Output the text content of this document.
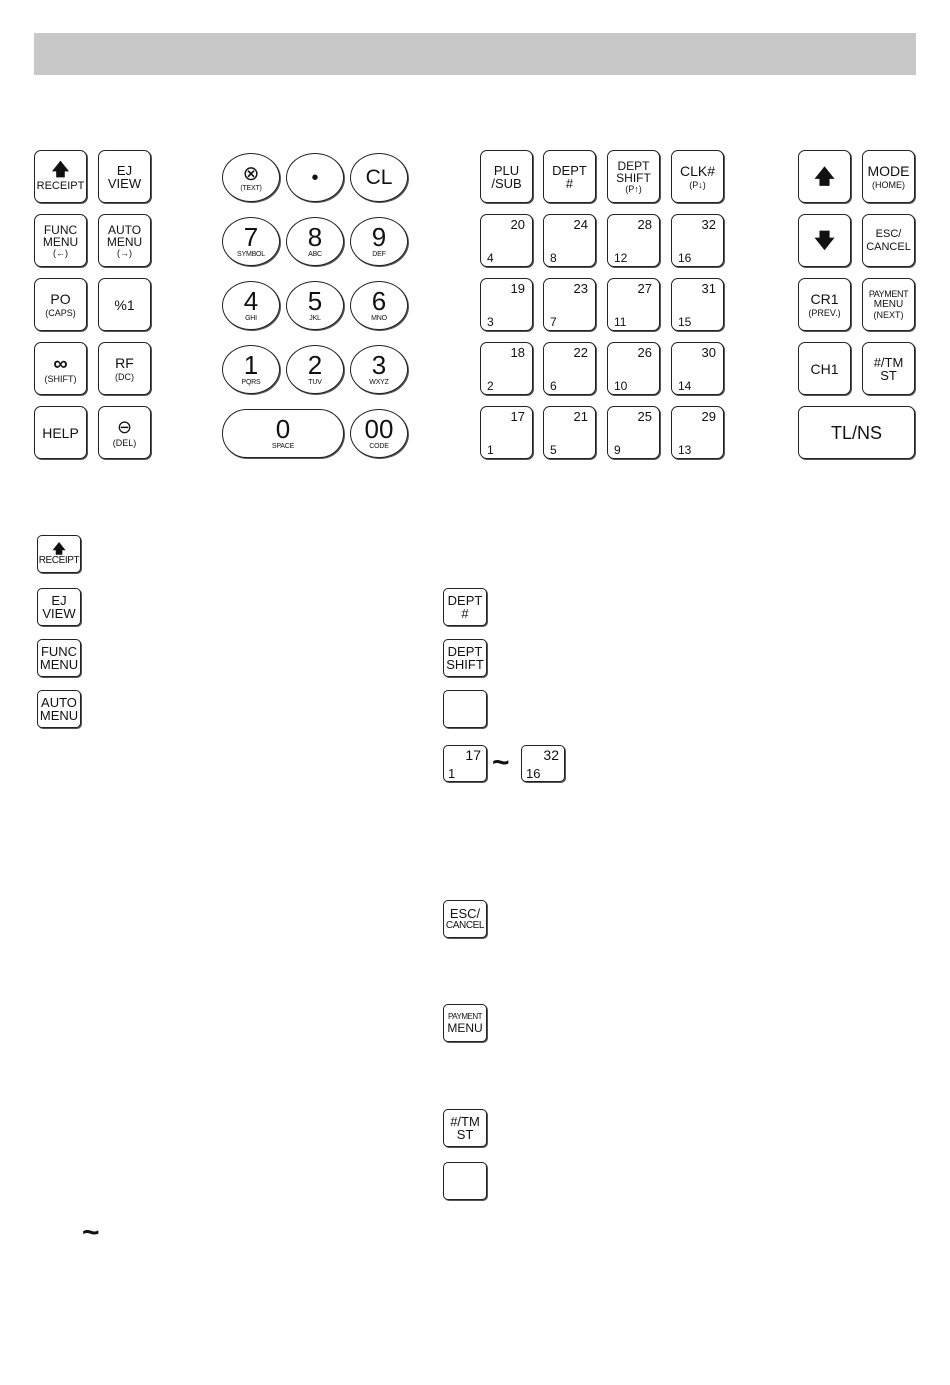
🡅
RECEIPT
EJ
VIEW
FUNC
MENU
(←)
AUTO
MENU
(→)
PO
(CAPS)	%1
∞
(SHIFT)
RF
(DC)
HELP ⊖
(DEL)
⊗
(TEXT) • CL
7
SYMBOL
8
ABC
9
DEF
4
GHI
5
JKL
6
MNO
1
PQRS
2
TUV
3
WXYZ
0
SPACE
00
CODE
PLU
/SUB
DEPT
#
DEPT
SHIFT
(P↑)
CLK#
(P↓)
20
4
24
8
28
12
32
16
19
3
23
7
27
11
31
15
18
2
22
6
26
10
30
14
17
1
21
5
25
9
29
13
🡅 MODE
(HOME)
🡇	ESC/
CANCEL
CR1
(PREV.)
PAYMENT
MENU
(NEXT)
CH1	#/TM
ST
TL/NS
🡅
RECEIPT
EJ
VIEW
FUNC
MENU
AUTO
MENU
~
DEPT
#
DEPT
SHIFT
17
1 ~ 32
16
ESC/
CANCEL
PAYMENT
MENU
#/TM
ST
